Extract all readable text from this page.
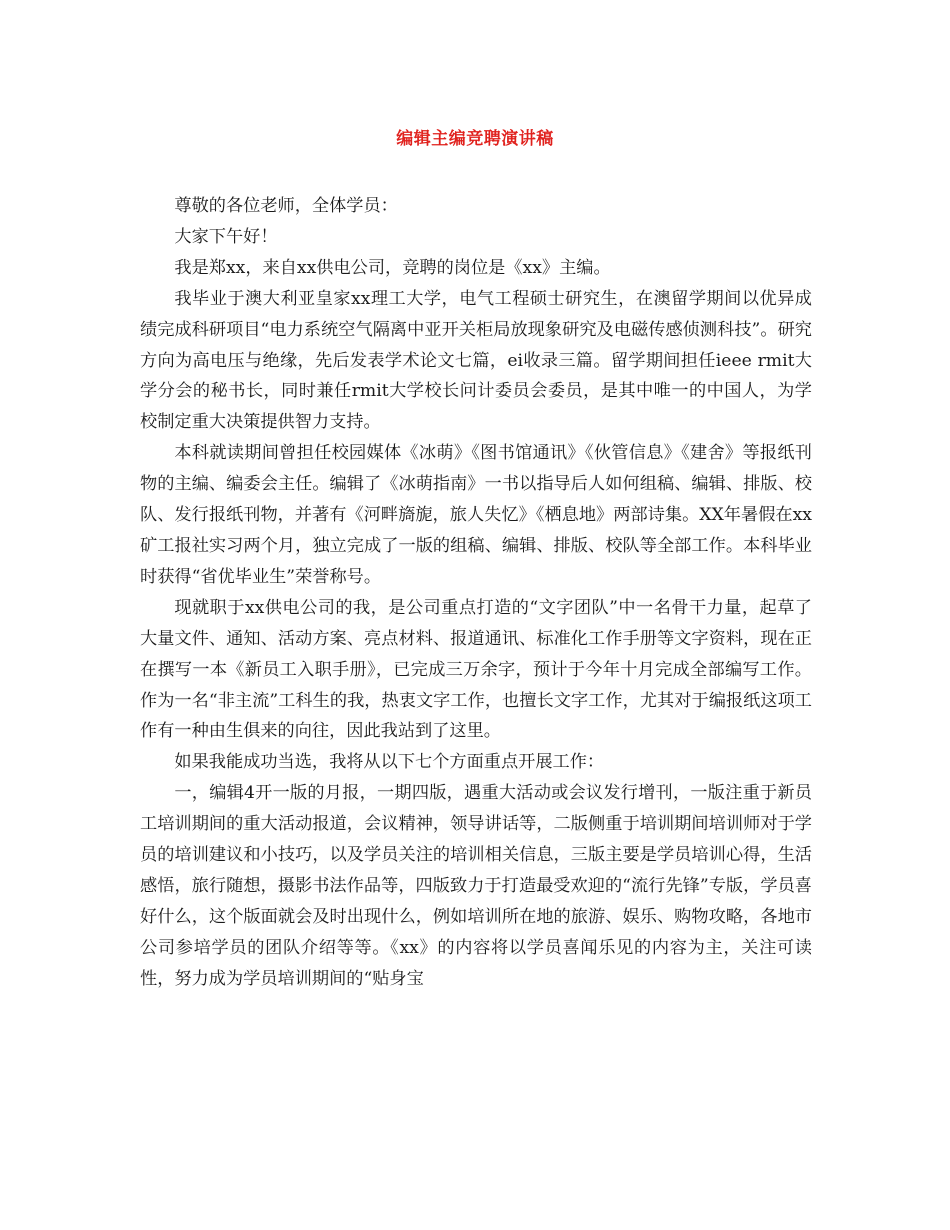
编辑主编竞聘演讲稿

尊敬的各位老师，全体学员：

大家下午好！

我是郑xx，来自xx供电公司，竞聘的岗位是《xx》主编。

我毕业于澳大利亚皇家xx理工大学，电气工程硕士研究生，在澳留学期间以优异成绩完成科研项目“电力系统空气隔离中亚开关柜局放现象研究及电磁传感侦测科技”。研究方向为高电压与绝缘，先后发表学术论文七篇，ei收录三篇。留学期间担任ieee rmit大学分会的秘书长，同时兼任rmit大学校长问计委员会委员，是其中唯一的中国人，为学校制定重大决策提供智力支持。

本科就读期间曾担任校园媒体《冰萌》《图书馆通讯》《伙管信息》《建舍》等报纸刊物的主编、编委会主任。编辑了《冰萌指南》一书以指导后人如何组稿、编辑、排版、校队、发行报纸刊物，并著有《河畔旖旎，旅人失忆》《栖息地》两部诗集。XX年暑假在xx矿工报社实习两个月，独立完成了一版的组稿、编辑、排版、校队等全部工作。本科毕业时获得“省优毕业生”荣誉称号。

现就职于xx供电公司的我，是公司重点打造的“文字团队”中一名骨干力量，起草了大量文件、通知、活动方案、亮点材料、报道通讯、标准化工作手册等文字资料，现在正在撰写一本《新员工入职手册》，已完成三万余字，预计于今年十月完成全部编写工作。作为一名“非主流”工科生的我，热衷文字工作，也擅长文字工作，尤其对于编报纸这项工作有一种由生俱来的向往，因此我站到了这里。

如果我能成功当选，我将从以下七个方面重点开展工作：

一，编辑4开一版的月报，一期四版，遇重大活动或会议发行增刊，一版注重于新员工培训期间的重大活动报道，会议精神，领导讲话等，二版侧重于培训期间培训师对于学员的培训建议和小技巧，以及学员关注的培训相关信息，三版主要是学员培训心得，生活感悟，旅行随想，摄影书法作品等，四版致力于打造最受欢迎的“流行先锋”专版，学员喜好什么，这个版面就会及时出现什么，例如培训所在地的旅游、娱乐、购物攻略，各地市公司参培学员的团队介绍等等。《xx》的内容将以学员喜闻乐见的内容为主，关注可读性，努力成为学员培训期间的“贴身宝
